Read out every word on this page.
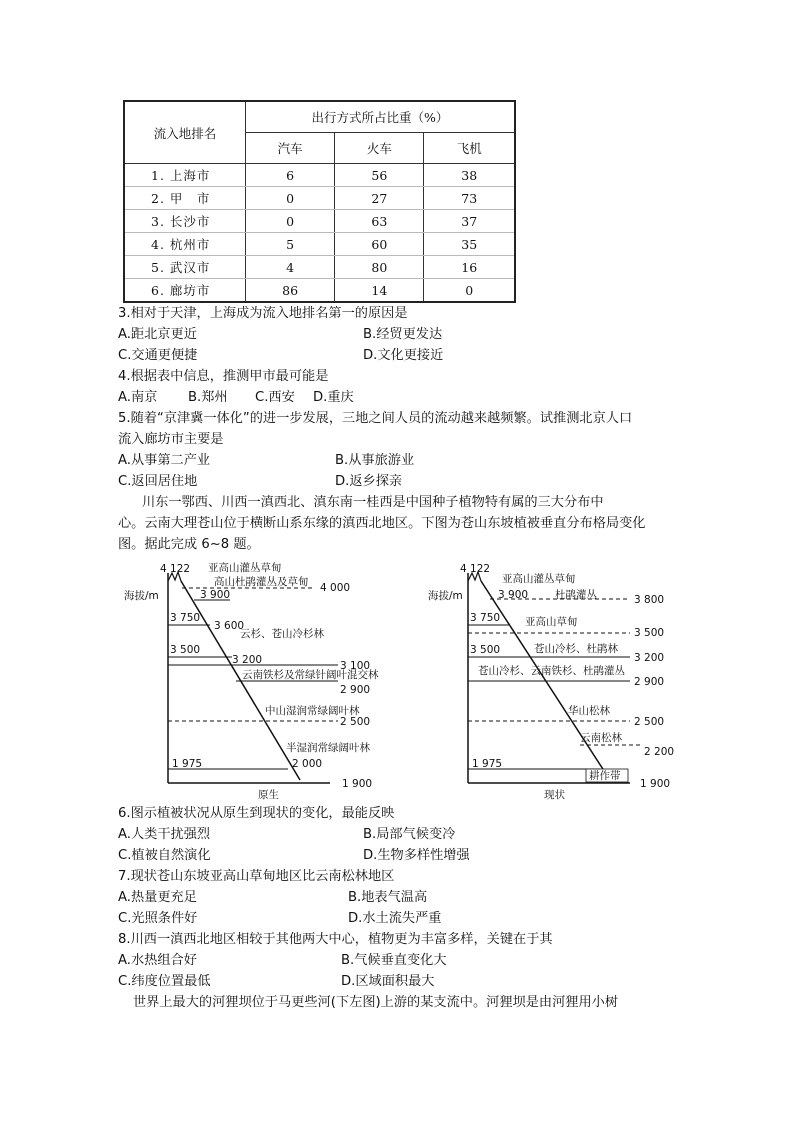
流入地排名	出行方式所占比重（%）		
	汽车	火车	飞机
1. 上海市	6	56	38
2. 甲　市	0	27	73
3. 长沙市	0	63	37
4. 杭州市	5	60	35
5. 武汉市	4	80	16
6. 廊坊市	86	14	0
3.相对于天津，上海成为流入地排名第一的原因是
A.距北京更近	B.经贸更发达
C.交通更便捷	D.文化更接近
4.根据表中信息，推测甲市最可能是
A.南京 B.郑州 C.西安 D.重庆
5.随着“京津冀一体化”的进一步发展，三地之间人员的流动越来越频繁。试推测北京人口
流入廊坊市主要是
A.从事第二产业	B.从事旅游业
C.返回居住地	D.返乡探亲
川东一鄂西、川西一滇西北、滇东南一桂西是中国种子植物特有属的三大分布中
心。云南大理苍山位于横断山系东缘的滇西北地区。下图为苍山东坡植被垂直分布格局变化
图。据此完成 6~8 题。
4 122
海拔/m
亚高山灌丛草甸
高山杜鹃灌丛及草甸 4 000
3 900
3 750
3 600
云杉、苍山冷杉林
3 500
3 200	3 100
云南铁杉及常绿针阔叶混交林
2 900
中山湿润常绿阔叶林
2 500
半湿润常绿阔叶林
1 975	2 000
1 900
原生
4 122
海拔/m
亚高山灌丛草甸
3 900	杜鹃灌丛	3 800
3 750 亚高山草甸
3 500
3 500	苍山冷杉、杜鹃林
3 200
苍山冷杉、云南铁杉、杜鹃灌丛
2 900
华山松林
2 500
云南松林
2 200
1 975
耕作带
1 900
现状
6.图示植被状况从原生到现状的变化，最能反映
A.人类干扰强烈	B.局部气候变冷
C.植被自然演化	D.生物多样性增强
7.现状苍山东坡亚高山草甸地区比云南松林地区
A.热量更充足	B.地表气温高
C.光照条件好	D.水土流失严重
8.川西一滇西北地区相较于其他两大中心，植物更为丰富多样，关键在于其
A.水热组合好	B.气候垂直变化大
C.纬度位置最低	D.区域面积最大
世界上最大的河狸坝位于马更些河(下左图)上游的某支流中。河狸坝是由河狸用小树
